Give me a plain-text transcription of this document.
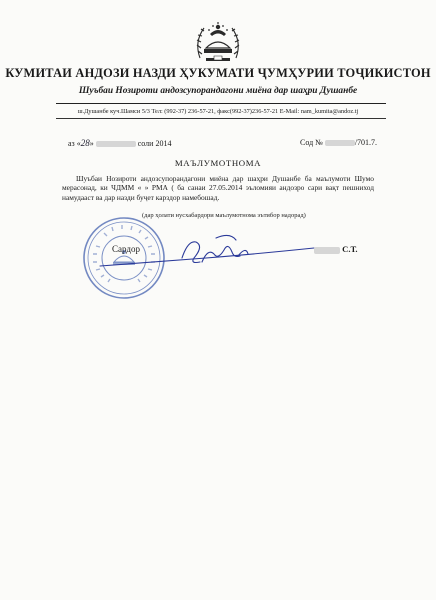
КУМИТАИ АНДОЗИ НАЗДИ ҲУКУМАТИ ҶУМҲУРИИ ТОҶИКИСТОН
Шуъбаи Нозироти андозсупорандагони миёна дар шаҳри Душанбе
ш.Душанбе куч.Шамси 5/3 Тел: (992-37) 236-57-21, факс(992-37)236-57-21 E-Mail: nam_kumita@andoz.tj
аз «28»	соли 2014	Сод №	/701.7.
МАЪЛУМОТНОМА
Шуъбаи Нозироти андозсупорандагони миёна дар шаҳри Душанбе ба маълумоти Шумо мерасонад, ки ЧДММ « » РМА ( ба санаи 27.05.2014 эъломияи андозро сари вақт пешниход намудааст ва дар назди буҷет карздор намебошад.
(дар ҳолати нусхабардори маълумотнома эътибор надорад)
Сардор	С.Т.
